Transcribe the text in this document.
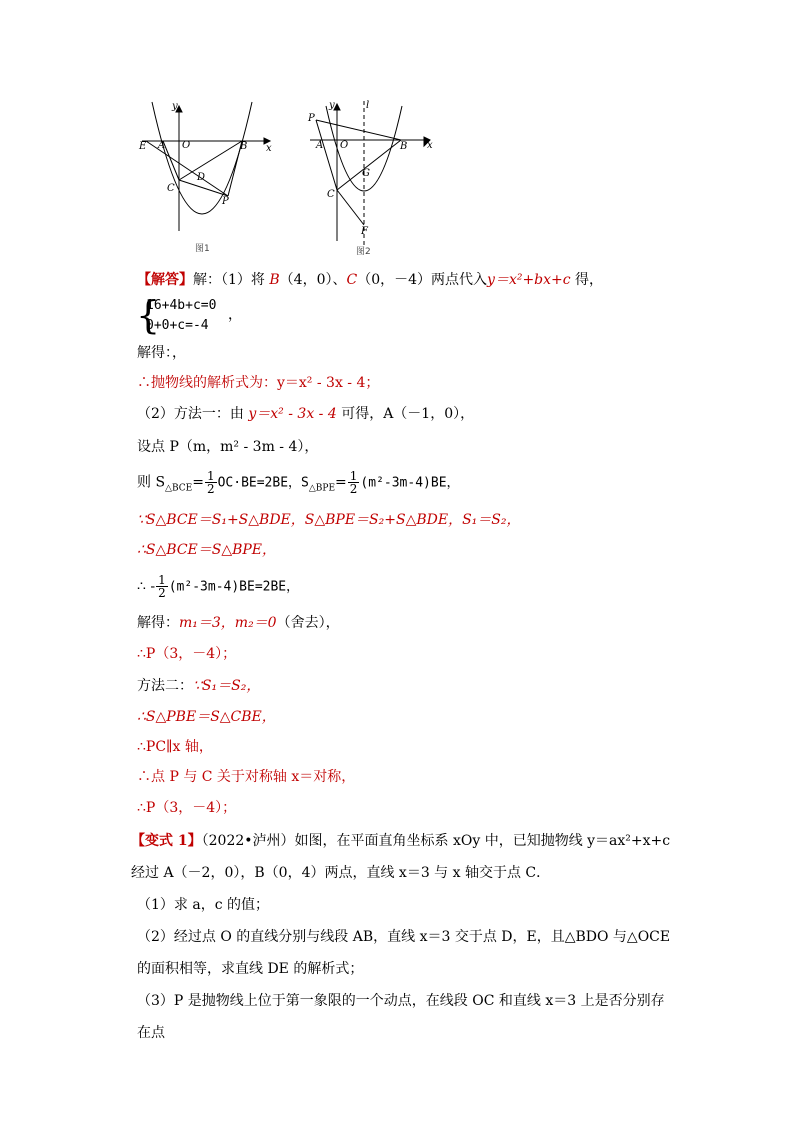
y
x
E A O	B
C
D
P
图1
y	l
x
P
A O	B
G
C
F
图2
【解答】解：（1）将 B（4，0）、C（0，－4）两点代入y＝x²+bx+c 得，
{
16+4b+c=0
0+0+c=-4
，
解得：，
∴抛物线的解析式为：y＝x² - 3x - 4；
（2）方法一：由 y＝x² - 3x - 4 可得，A（－1，0），
设点 P（m，m² - 3m - 4），
则 $S_{\triangle BCE}= \frac{1}{2} OC\cdot BE=2BE$，$S_{\triangle BPE}= \frac{1}{2} (m^2-3m-4)BE$，
∵S△BCE＝S₁+S△BDE，S△BPE＝S₂+S△BDE，S₁＝S₂，
∴S△BCE＝S△BPE，
∴ - $\frac{1}{2} (m^2-3m-4)BE=2BE$，
解得：m₁＝3，m₂＝0（舍去），
∴P（3，－4）；
方法二：∵S₁＝S₂，
∴S△PBE＝S△CBE，
∴PC∥x 轴，
∴点 P 与 C 关于对称轴 x＝对称，
∴P（3，－4）；
【变式 1】（2022•泸州）如图，在平面直角坐标系 xOy 中，已知抛物线 y＝ax²+x+c 经过 A（－2，0），B（0，4）两点，直线 x＝3 与 x 轴交于点 C．
（1）求 a，c 的值；
（2）经过点 O 的直线分别与线段 AB，直线 x＝3 交于点 D，E，且△BDO 与△OCE 的面积相等，求直线 DE 的解析式；
（3）P 是抛物线上位于第一象限的一个动点，在线段 OC 和直线 x＝3 上是否分别存在点
